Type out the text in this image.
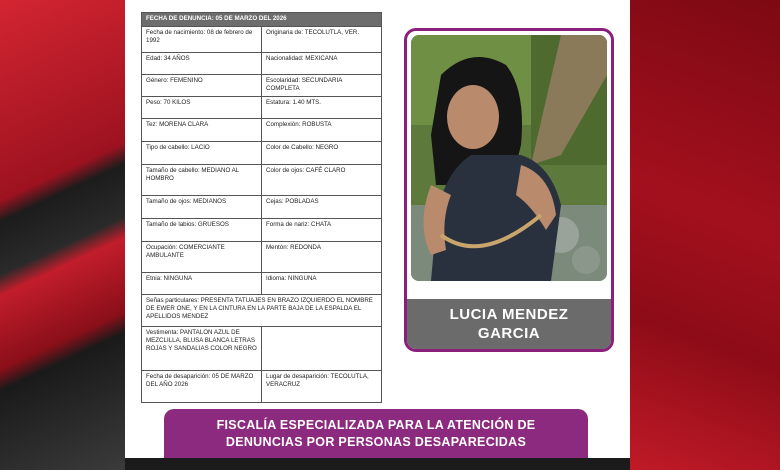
FECHA DE DENUNCIA: 05 DE MARZO DEL 2026	
Fecha de nacimiento: 08 de febrero de 1992	Originaria de: TECOLUTLA, VER.
Edad: 34 AÑOS	Nacionalidad: MEXICANA
Género: FEMENINO	Escolaridad: SECUNDARIA COMPLETA
Peso: 70 KILOS	Estatura: 1.40 MTS.
Tez: MORENA CLARA	Complexión: ROBUSTA
Tipo de cabello: LACIO	Color de Cabello: NEGRO
Tamaño de cabello: MEDIANO AL HOMBRO	Color de ojos: CAFÉ CLARO
Tamaño de ojos: MEDIANOS	Cejas: POBLADAS
Tamaño de labios: GRUESOS	Forma de nariz: CHATA
Ocupación: COMERCIANTE AMBULANTE	Mentón: REDONDA
Etnia: NINGUNA	Idioma: NINGUNA
Señas particulares: PRESENTA TATUAJES EN BRAZO IZQUIERDO EL NOMBRE DE EWER ONE, Y EN LA CINTURA EN LA PARTE BAJA DE LA ESPALDA EL APELLIDOS MENDEZ	
Vestimenta: PANTALON AZUL DE MEZCLILLA, BLUSA BLANCA LETRAS ROJAS Y SANDALIAS COLOR NEGRO	
Fecha de desaparición: 05 DE MARZO DEL AÑO 2026	Lugar de desaparición: TECOLUTLA, VERACRUZ
LUCIA MENDEZ
GARCIA
FISCALÍA ESPECIALIZADA PARA LA ATENCIÓN DE
DENUNCIAS POR PERSONAS DESAPARECIDAS
